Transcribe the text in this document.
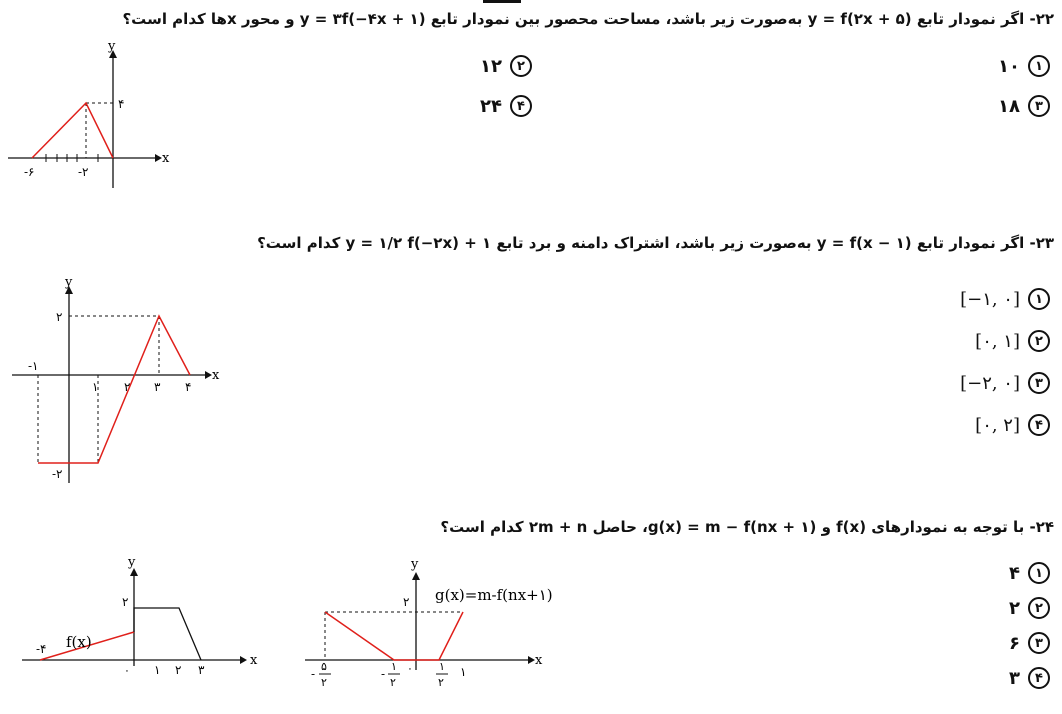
۲۲- اگر نمودار تابع y = f(۲x + ۵) به‌صورت زیر باشد، مساحت محصور بین نمودار تابع y = ۳f(−۴x + ۱) و محور xها کدام است؟
۱
۱۰
۲
۱۲
۳
۱۸
۴
۲۴
y
x
۴
-۶	-۲
۲۳- اگر نمودار تابع y = f(x − ۱) به‌صورت زیر باشد، اشتراک دامنه و برد تابع y = ۱/۲ f(−۲x) + ۱ کدام است؟
۱
[−۱, ۰]
۲
[۰, ۱]
۳
[−۲, ۰]
۴
[۰, ۲]
y
x
۲
-۲
-۱
۱ ۲ ۳ ۴
۲۴- با توجه به نمودارهای f(x) و g(x) = m − f(nx + ۱)، حاصل ۲m + n کدام است؟
۱
۴
۲
۲
۳
۶
۴
۳
y
x
f(x)
۲
-۴
۰ ۱ ۲ ۳
y
x
g(x)=m-f(nx+۱)
۲
۰
-
۵
۲
-
۱
۲
۱
۲
۱
